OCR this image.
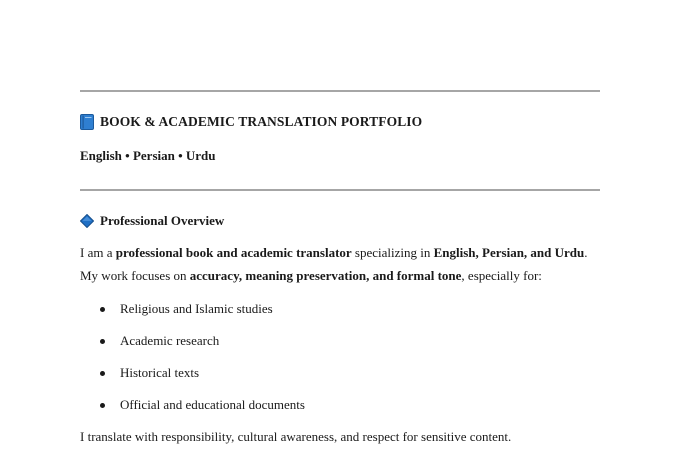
BOOK & ACADEMIC TRANSLATION PORTFOLIO
English • Persian • Urdu
Professional Overview
I am a professional book and academic translator specializing in English, Persian, and Urdu.
My work focuses on accuracy, meaning preservation, and formal tone, especially for:
Religious and Islamic studies
Academic research
Historical texts
Official and educational documents
I translate with responsibility, cultural awareness, and respect for sensitive content.
